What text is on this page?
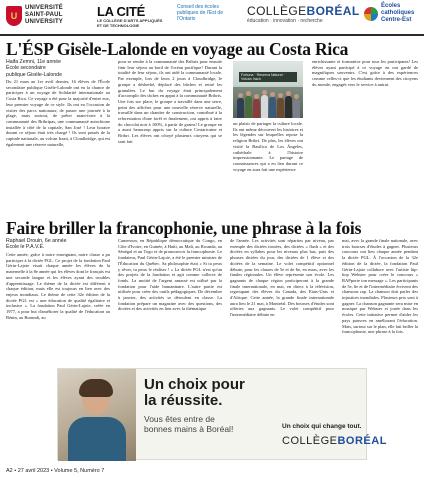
U
UNIVERSITÉ SAINT-PAUL UNIVERSITY
LA CITÉ
LE COLLÈGE D'ARTS APPLIQUÉS ET DE TECHNOLOGIE
Conseil des écoles publiques de l'Est de l'Ontario
COLLÈGEBORÉAL
éducation · innovation · recherche
Écoles catholiques Centre-Est
L'ÉSP Gisèle-Lalonde en voyage au Costa Rica
Haifa Zemni, 11e année
École secondaire publique Gisèle-Lalonde
Du 21 mars au 1er avril dernier, 16 élèves de l'École secondaire publique Gisèle-Lalonde ont eu la chance de participer à un voyage de Solidarité internationale au Costa Rica. Ce voyage a été pour la majorité d'entre eux, leur premier voyage de ce style. Ils ont eu l'occasion de visiter des parcs nationaux, de passer une journée à la plage, mais surtout, de prêter main-forte à la communauté des Bribrìpas, une communauté autochtone installée à côté de la capitale, San José ! Leur horaire durant ce séjour était très chargé ! Ils sont passés de la capitale nationale, au volcan Irazú, à Cloudbridge, qui est également une réserve naturelle,
pour se rendre à la communauté des Bribris pour ensuite finir leur séjour au bord de l'océan pacifique! Durant la totalité de leur séjour, ils ont aidé la communauté locale. Par exemple, lors de leurs 2 jours à Cloudbridge, le groupe a désherbé, déplacé des bûches et retiré les granulées. Le but du voyage était principalement d'accomplir des tâches en appui à la communauté Bribris. Une fois sur place, le groupe a travaillé dans une serre, peint des affiches pour une nouvelle réserve naturelle, travaillé dans un chantier de construction, contribué à la reforestation d'une forêt et finalement, ont appris à faire du chocolat noir à 100%, à partir de grains! Le groupe en a aussi beaucoup appris sur la culture Costaricaine et Bribri. Les élèves ont côtoyé plusieurs citoyens qui se sont fait
Fortuna · Reserva Natural · Volcán Irazú
un plaisir de partager la culture locale. Ils ont même découvert les histoires et les légendes sur lesquelles repose la religion Bribri. De plus, les élèves ont visité la Basilica de Los Ángeles, cathédrale à l'histoire impressionnante. Le partage de connaissances qui a eu lieu durant ce voyage en aura fait une expérience
enrichissante et formatrice pour tous les participants! Les élèves ayant participé à ce voyage en ont gardé de magnifiques souvenirs. C'est grâce à des expériences comme celles-ci que les étudiants deviennent des citoyens du monde, engagés vers le service à autrui.
Faire briller la francophonie, une phrase à la fois
Raphael Drouin, 6e année
École le P.A.V.É.
Cette année, grâce à notre enseignant, notre classe a pu participer à la dictée PGL. Ce projet de la fondation Paul Gérin-Lajoie visait chaque année les élèves de la maternelle à la 8e année qui les élèves dont le français est une seconde langue et les élèves ayant des troubles d'apprentissage. Le thème de la dictée est différent à chaque édition, mais elle est toujours en lien avec des enjeux mondiaux. Le thème de cette 32e édition de la dictée PGL est « une éducation de qualité égalitaire et inclusive ». La fondation Paul Gérin-Lajoie, créée en 1977, a pour but d'améliorer la qualité de l'éducation au Bénin, au Burundi, au
Cameroun, en République démocratique du Congo, en Côte d'Ivoire, en Guinée, à Haïti, au Mali, au Rwanda, au Sénégal et au Togo et de promouvoir la francophonie. Le fondateur, Paul Gérin-Lajoie, a été le premier ministre de l'Éducation du Québec. Sa philosophie était « Si tu peux y rêver, tu peux le réaliser ! » La dictée PGL n'est qu'un des projets de la fondation et agit comme collecte de fonds. La moitié de l'argent amassé est utilisé par la fondation pour l'aide humanitaire. L'autre partie est utilisée pour créer des outils pédagogiques. De décembre à janvier, des activités se déroulent en classe. La fondation prépare un magazine avec des questions, des dictées et des activités en lien avec la thématique
de l'année. Les activités sont réparties par niveau, par exemple des dictées trouées, des dictées « flash » et des dictées en syllabes pour les niveaux plus bas, puis des phrases dictées du jour, des dictées de 1 élève et des dictées de la semaine. Le volet compétitif optionnel débute, pour les classes de 5e et de 6e, en mars, avec les finales régionales. Un élève représente son école. Les gagnants de chaque région participeront à la grande finale internationale, en mai, en direct à la télévision, regroupant des élèves du Canada, des Etats-Unis et d'Afrique. Cette année, la grande finale internationale aura lieu le 21 mai, à Montréal. Des bourses d'études sont offertes aux gagnants. Le volet compétitif pour l'intermédiaire débute en
mai, avec la grande finale nationale, avec trois bourses d'études à gagner. Plusieurs concours ont lieu chaque année pendant la dictée PGL. À l'occasion de la 32e édition de la dictée, la fondation Paul Gérin-Lajoie collabore avec l'artiste hip-hop Webster pour créer le concours « RAPporte ton message ». Les participants de 5e, 6e et de l'intermédiaire écrivent des chansons rap. La chanson doit parler des injustices mondiales. Plusieurs prix sont à gagner. La chanson gagnante sera mise en musique par Webster et jouée dans les écoles. Cette initiative permet d'aider les pays pauvres en améliorant l'éducation. Mais, surtout sur le plan, elle fait briller la francophonie, une phrase à la fois.
Un choix pour
la réussite.
Vous êtes entre de
bonnes mains à Boréal!	Un choix qui change tout.
COLLÈGEBORÉAL
A2 • 27 avril 2023 • Volume 5, Numéro 7
